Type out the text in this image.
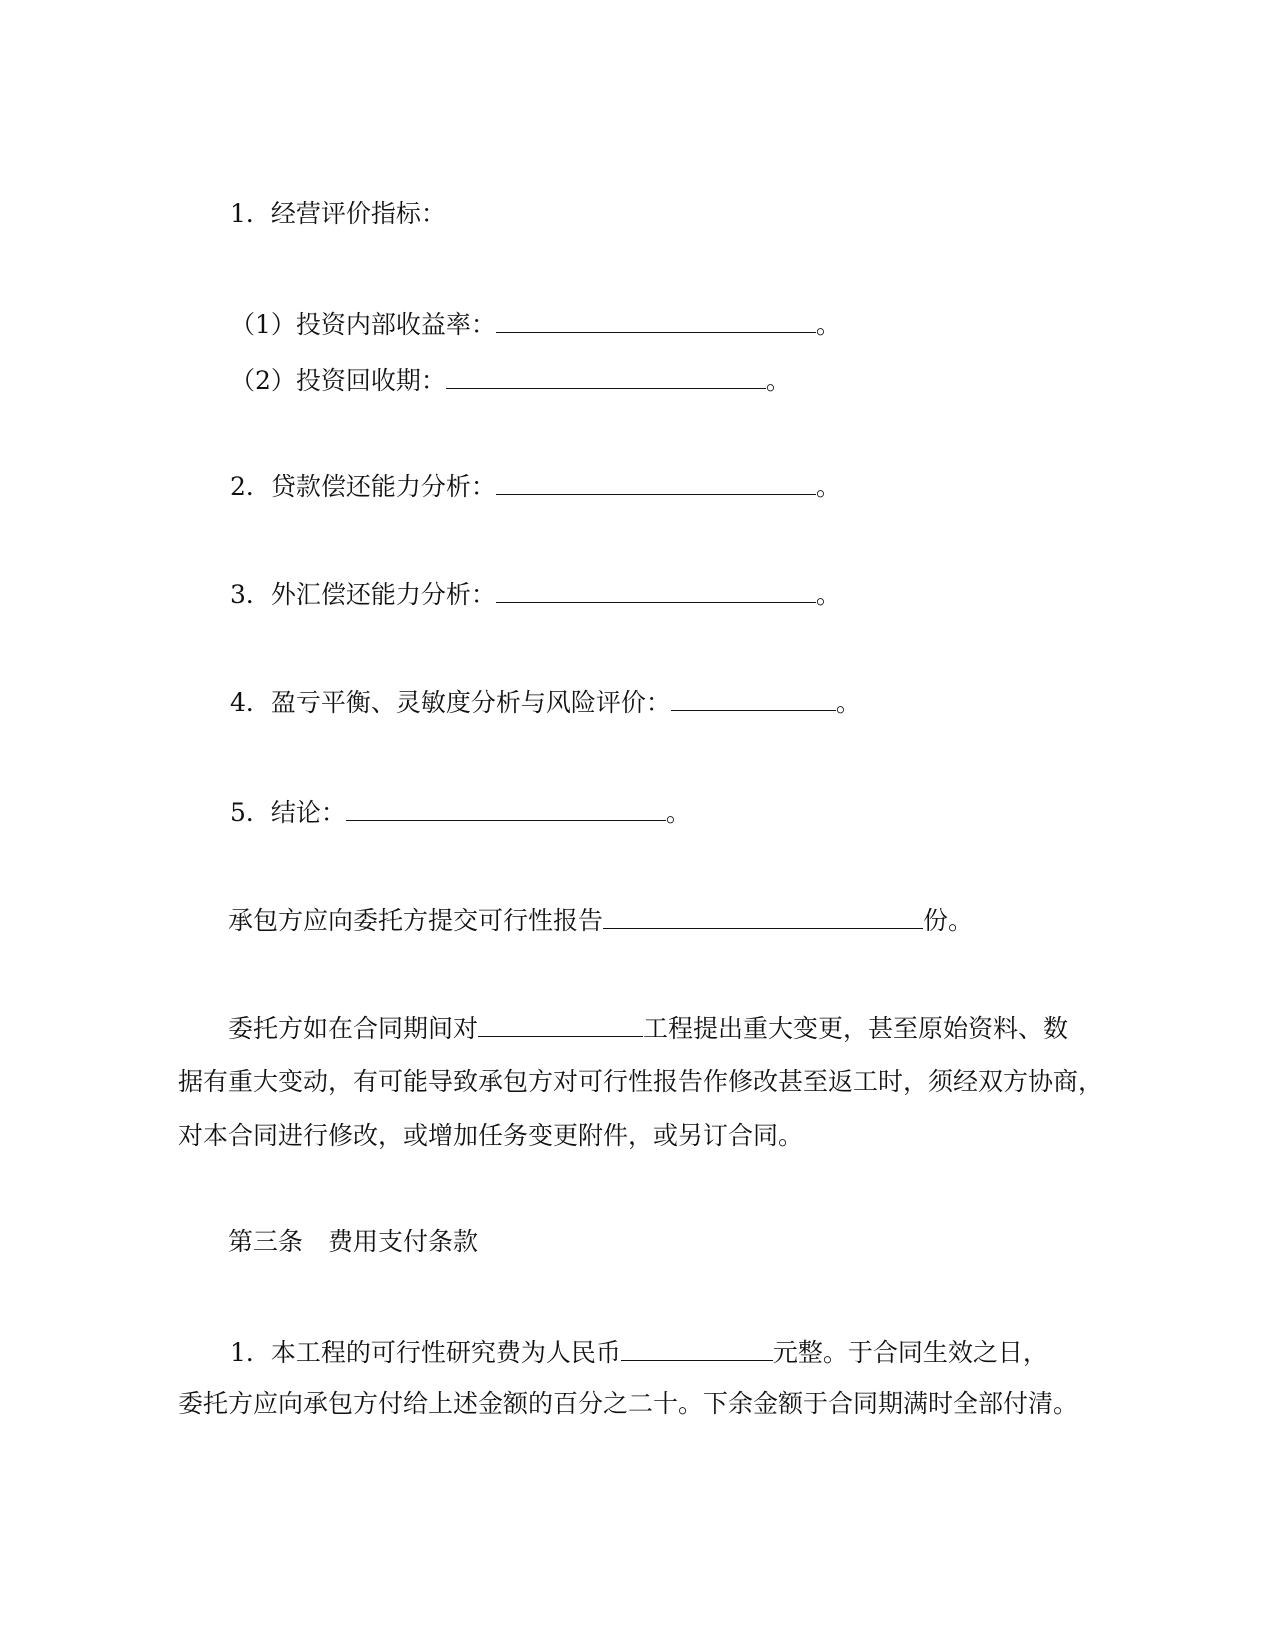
1．经营评价指标：
（1）投资内部收益率：	。
（2）投资回收期：	。
2．贷款偿还能力分析：	。
3．外汇偿还能力分析：	。
4．盈亏平衡、灵敏度分析与风险评价：	。
5．结论：	。
承包方应向委托方提交可行性报告	份。
委托方如在合同期间对	工程提出重大变更，甚至原始资料、数
据有重大变动，有可能导致承包方对可行性报告作修改甚至返工时，须经双方协商，
对本合同进行修改，或增加任务变更附件，或另订合同。
第三条　费用支付条款
1．本工程的可行性研究费为人民币	元整。于合同生效之日，
委托方应向承包方付给上述金额的百分之二十。下余金额于合同期满时全部付清。
